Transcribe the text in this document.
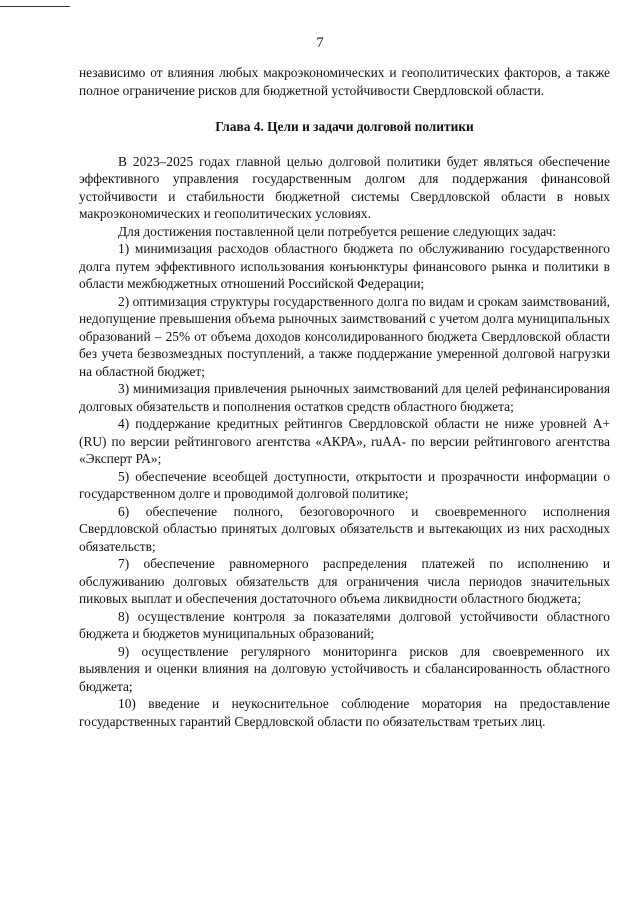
7

независимо от влияния любых макроэкономических и геополитических факторов, а также полное ограничение рисков для бюджетной устойчивости Свердловской области.

Глава 4. Цели и задачи долговой политики

В 2023–2025 годах главной целью долговой политики будет являться обеспечение эффективного управления государственным долгом для поддержания финансовой устойчивости и стабильности бюджетной системы Свердловской области в новых макроэкономических и геополитических условиях.

Для достижения поставленной цели потребуется решение следующих задач:

1) минимизация расходов областного бюджета по обслуживанию государственного долга путем эффективного использования конъюнктуры финансового рынка и политики в области межбюджетных отношений Российской Федерации;

2) оптимизация структуры государственного долга по видам и срокам заимствований, недопущение превышения объема рыночных заимствований с учетом долга муниципальных образований – 25% от объема доходов консолидированного бюджета Свердловской области без учета безвозмездных поступлений, а также поддержание умеренной долговой нагрузки на областной бюджет;

3) минимизация привлечения рыночных заимствований для целей рефинансирования долговых обязательств и пополнения остатков средств областного бюджета;

4) поддержание кредитных рейтингов Свердловской области не ниже уровней A+(RU) по версии рейтингового агентства «АКРА», ruAA- по версии рейтингового агентства «Эксперт РА»;

5) обеспечение всеобщей доступности, открытости и прозрачности информации о государственном долге и проводимой долговой политике;

6) обеспечение полного, безоговорочного и своевременного исполнения Свердловской областью принятых долговых обязательств и вытекающих из них расходных обязательств;

7) обеспечение равномерного распределения платежей по исполнению и обслуживанию долговых обязательств для ограничения числа периодов значительных пиковых выплат и обеспечения достаточного объема ликвидности областного бюджета;

8) осуществление контроля за показателями долговой устойчивости областного бюджета и бюджетов муниципальных образований;

9) осуществление регулярного мониторинга рисков для своевременного их выявления и оценки влияния на долговую устойчивость и сбалансированность областного бюджета;

10) введение и неукоснительное соблюдение моратория на предоставление государственных гарантий Свердловской области по обязательствам третьих лиц.
